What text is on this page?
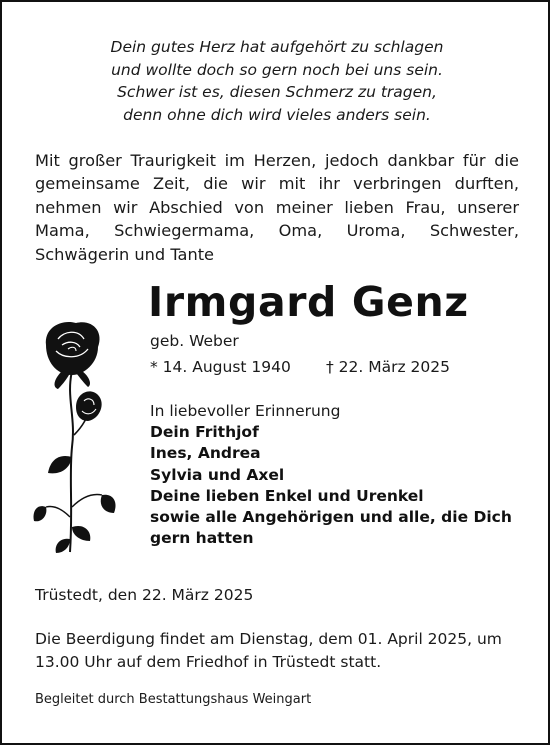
Dein gutes Herz hat aufgehört zu schlagen
und wollte doch so gern noch bei uns sein.
Schwer ist es, diesen Schmerz zu tragen,
denn ohne dich wird vieles anders sein.
Mit großer Traurigkeit im Herzen, jedoch dankbar für die gemeinsame Zeit, die wir mit ihr verbringen durften, nehmen wir Abschied von meiner lieben Frau, unserer Mama, Schwiegermama, Oma, Uroma, Schwester, Schwägerin und Tante
Irmgard Genz
geb. Weber
* 14. August 1940 † 22. März 2025
In liebevoller Erinnerung
Dein Frithjof
Ines, Andrea
Sylvia und Axel
Deine lieben Enkel und Urenkel
sowie alle Angehörigen und alle, die Dich
gern hatten
Trüstedt, den 22. März 2025
Die Beerdigung findet am Dienstag, dem 01. April 2025, um 13.00 Uhr auf dem Friedhof in Trüstedt statt.
Begleitet durch Bestattungshaus Weingart
